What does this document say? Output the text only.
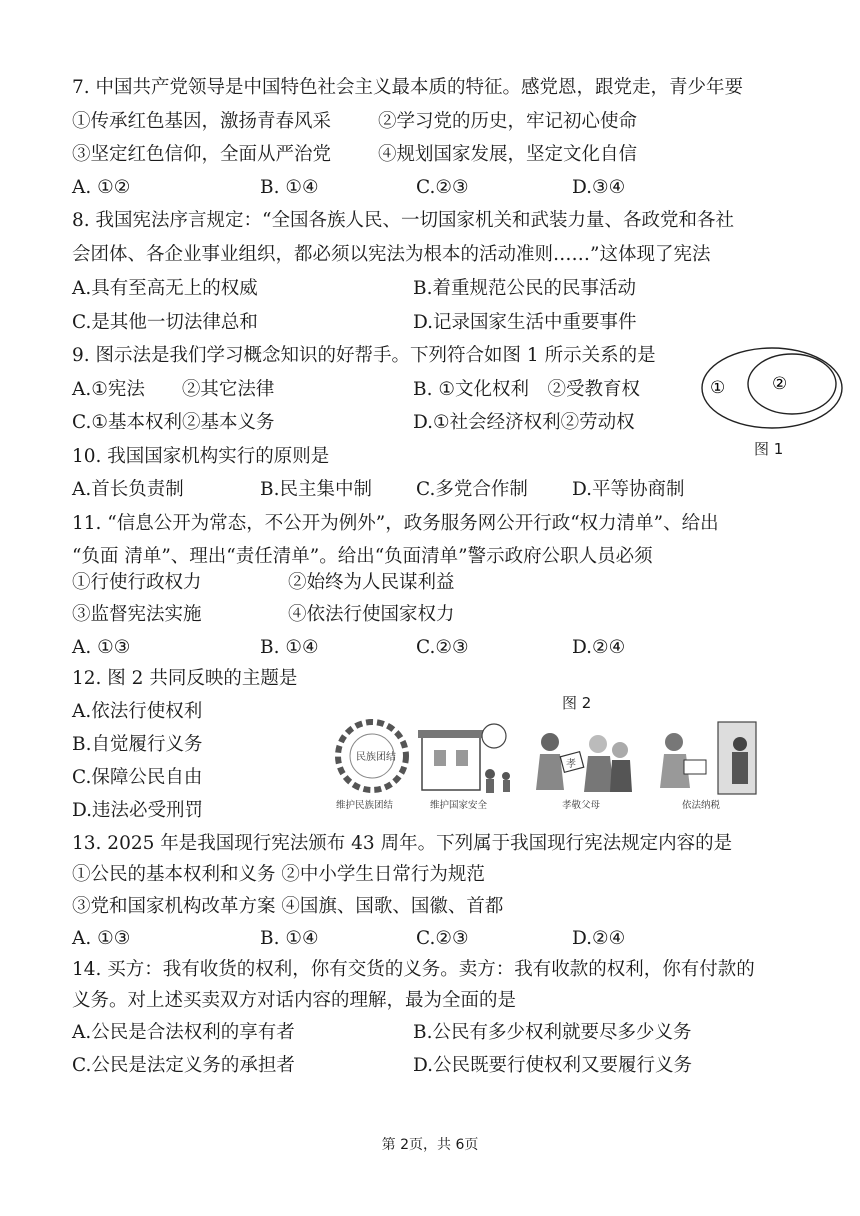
7. 中国共产党领导是中国特色社会主义最本质的特征。感党恩，跟党走，青少年要
①传承红色基因，激扬青春风采	②学习党的历史，牢记初心使命
③坚定红色信仰，全面从严治党	④规划国家发展，坚定文化自信
A. ①②	B. ①④	C.②③	D.③④
8. 我国宪法序言规定：“全国各族人民、一切国家机关和武装力量、各政党和各社
会团体、各企业事业组织，都必须以宪法为根本的活动准则……”这体现了宪法
A.具有至高无上的权威	B.着重规范公民的民事活动
C.是其他一切法律总和	D.记录国家生活中重要事件
9. 图示法是我们学习概念知识的好帮手。下列符合如图 1 所示关系的是
A.①宪法　　②其它法律	B. ①文化权利　②受教育权
C.①基本权利②基本义务	D.①社会经济权利②劳动权
①	②
图 1
10. 我国国家机构实行的原则是
A.首长负责制	B.民主集中制 C.多党合作制 D.平等协商制
11. “信息公开为常态，不公开为例外”，政务服务网公开行政“权力清单”、给出
“负面 清单”、理出“责任清单”。给出“负面清单”警示政府公职人员必须
①行使行政权力	②始终为人民谋利益
③监督宪法实施	④依法行使国家权力
A. ①③	B. ①④	C.②③	D.②④
12. 图 2 共同反映的主题是
A.依法行使权利
B.自觉履行义务
C.保障公民自由
D.违法必受刑罚
图 2
民族团结
维护民族团结	维护国家安全
孝
孝敬父母	依法纳税
13. 2025 年是我国现行宪法颁布 43 周年。下列属于我国现行宪法规定内容的是
①公民的基本权利和义务 ②中小学生日常行为规范
③党和国家机构改革方案 ④国旗、国歌、国徽、首都
A. ①③	B. ①④	C.②③	D.②④
14. 买方：我有收货的权利，你有交货的义务。卖方：我有收款的权利，你有付款的
义务。对上述买卖双方对话内容的理解，最为全面的是
A.公民是合法权利的享有者	B.公民有多少权利就要尽多少义务
C.公民是法定义务的承担者	D.公民既要行使权利又要履行义务
第 2页，共 6页
